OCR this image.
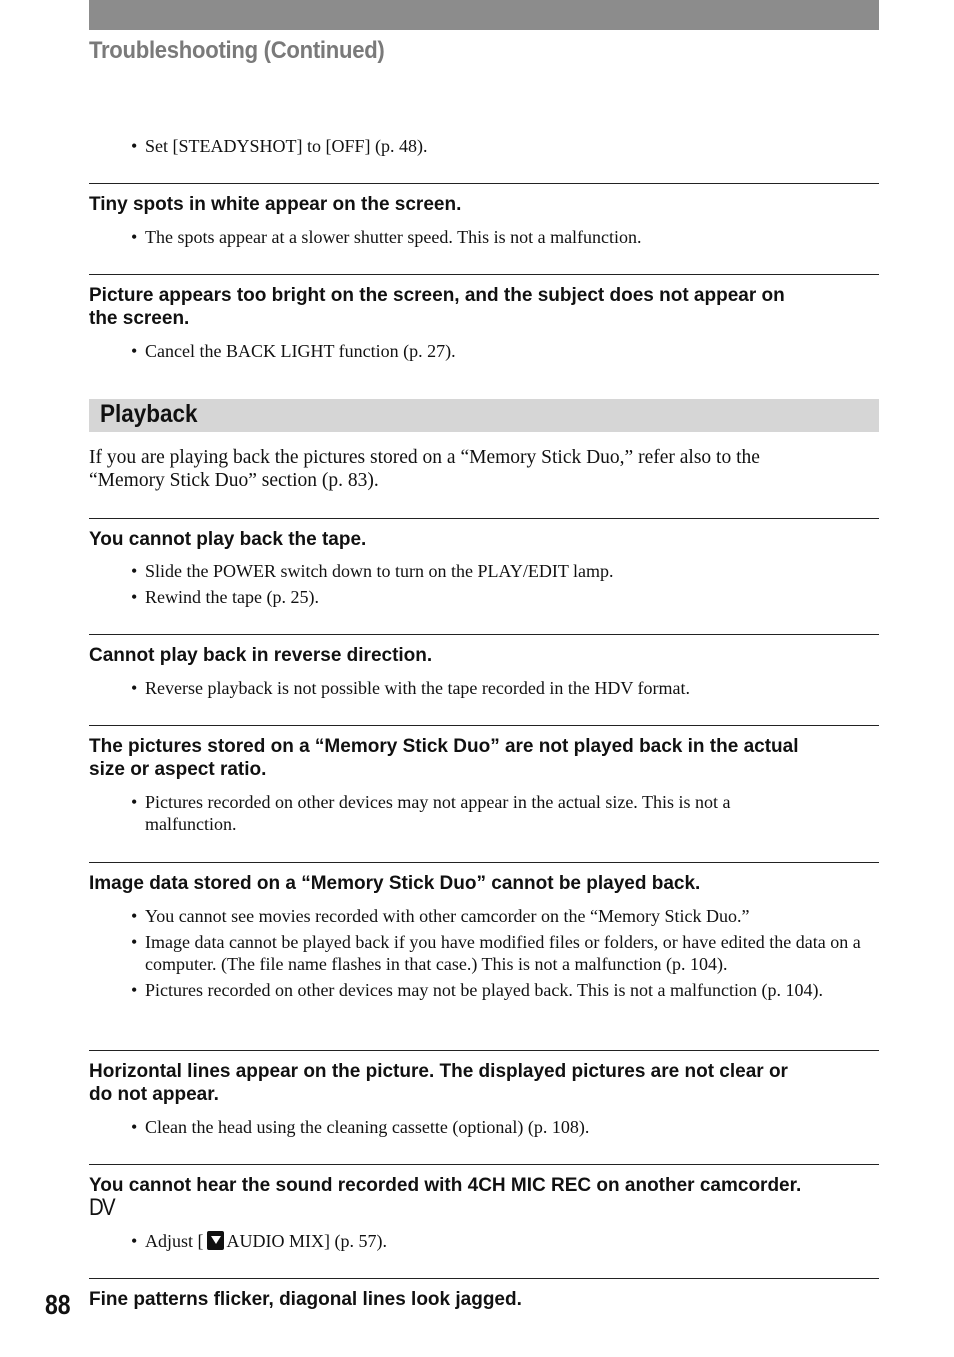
Troubleshooting (Continued)
• Set [STEADYSHOT] to [OFF] (p. 48).
Tiny spots in white appear on the screen.
• The spots appear at a slower shutter speed. This is not a malfunction.
Picture appears too bright on the screen, and the subject does not appear on
the screen.
• Cancel the BACK LIGHT function (p. 27).
Playback
If you are playing back the pictures stored on a “Memory Stick Duo,” refer also to the
“Memory Stick Duo” section (p. 83).
You cannot play back the tape.
• Slide the POWER switch down to turn on the PLAY/EDIT lamp.
• Rewind the tape (p. 25).
Cannot play back in reverse direction.
• Reverse playback is not possible with the tape recorded in the HDV format.
The pictures stored on a “Memory Stick Duo” are not played back in the actual
size or aspect ratio.
• Pictures recorded on other devices may not appear in the actual size. This is not a malfunction.
Image data stored on a “Memory Stick Duo” cannot be played back.
• You cannot see movies recorded with other camcorder on the “Memory Stick Duo.”
• Image data cannot be played back if you have modified files or folders, or have edited the data on a computer. (The file name flashes in that case.) This is not a malfunction (p. 104).
• Pictures recorded on other devices may not be played back. This is not a malfunction (p. 104).
Horizontal lines appear on the picture. The displayed pictures are not clear or
do not appear.
• Clean the head using the cleaning cassette (optional) (p. 108).
You cannot hear the sound recorded with 4CH MIC REC on another camcorder.
DV
• Adjust [ AUDIO MIX] (p. 57).
Fine patterns flicker, diagonal lines look jagged.
88
